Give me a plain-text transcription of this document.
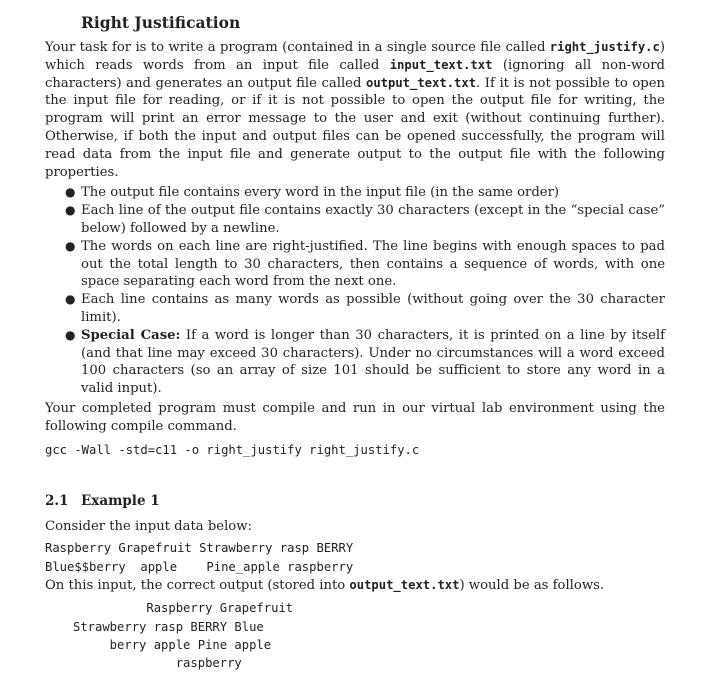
Right Justification

Your task for is to write a program (contained in a single source file called right_justify.c) which reads words from an input file called input_text.txt (ignoring all non-word characters) and generates an output file called output_text.txt. If it is not possible to open the input file for reading, or if it is not possible to open the output file for writing, the program will print an error message to the user and exit (without continuing further). Otherwise, if both the input and output files can be opened successfully, the program will read data from the input file and generate output to the output file with the following properties.

● The output file contains every word in the input file (in the same order)
● Each line of the output file contains exactly 30 characters (except in the “special case” below) followed by a newline.
● The words on each line are right-justified. The line begins with enough spaces to pad out the total length to 30 characters, then contains a sequence of words, with one space separating each word from the next one.
● Each line contains as many words as possible (without going over the 30 character limit).
● Special Case: If a word is longer than 30 characters, it is printed on a line by itself (and that line may exceed 30 characters). Under no circumstances will a word exceed 100 characters (so an array of size 101 should be sufficient to store any word in a valid input).

Your completed program must compile and run in our virtual lab environment using the following compile command.

gcc -Wall -std=c11 -o right_justify right_justify.c

2.1 Example 1

Consider the input data below:

Raspberry Grapefruit Strawberry rasp BERRY
Blue$$berry  apple    Pine_apple raspberry

On this input, the correct output (stored into output_text.txt) would be as follows.

Raspberry Grapefruit
Strawberry rasp BERRY Blue
berry apple Pine apple
raspberry
